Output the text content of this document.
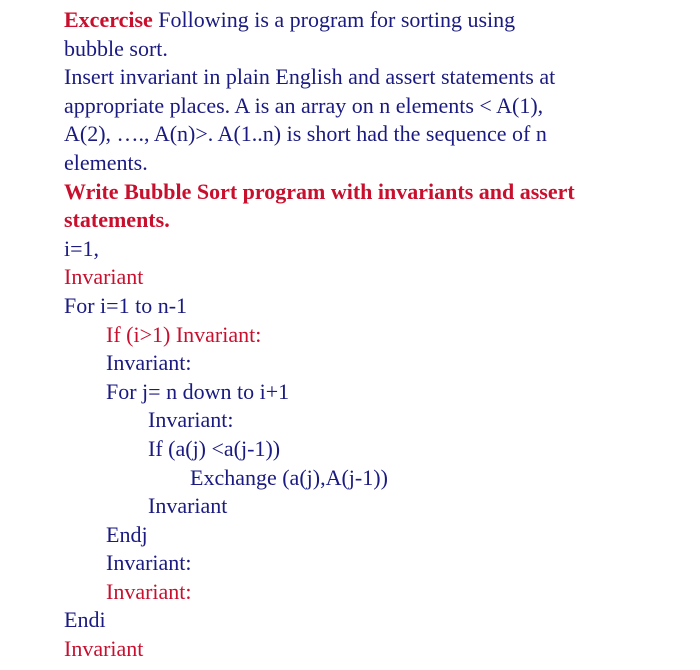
Excercise Following is a program for sorting using
bubble sort.
Insert invariant in plain English and assert statements at
appropriate places. A is an array on n elements < A(1),
A(2), …., A(n)>. A(1..n) is short had the sequence of n
elements.
Write Bubble Sort program with invariants and assert
statements.
i=1,
Invariant
For i=1 to n-1
If (i>1) Invariant:
Invariant:
For j= n down to i+1
Invariant:
If (a(j) <a(j-1))
Exchange (a(j),A(j-1))
Invariant
Endj
Invariant:
Invariant:
Endi
Invariant
